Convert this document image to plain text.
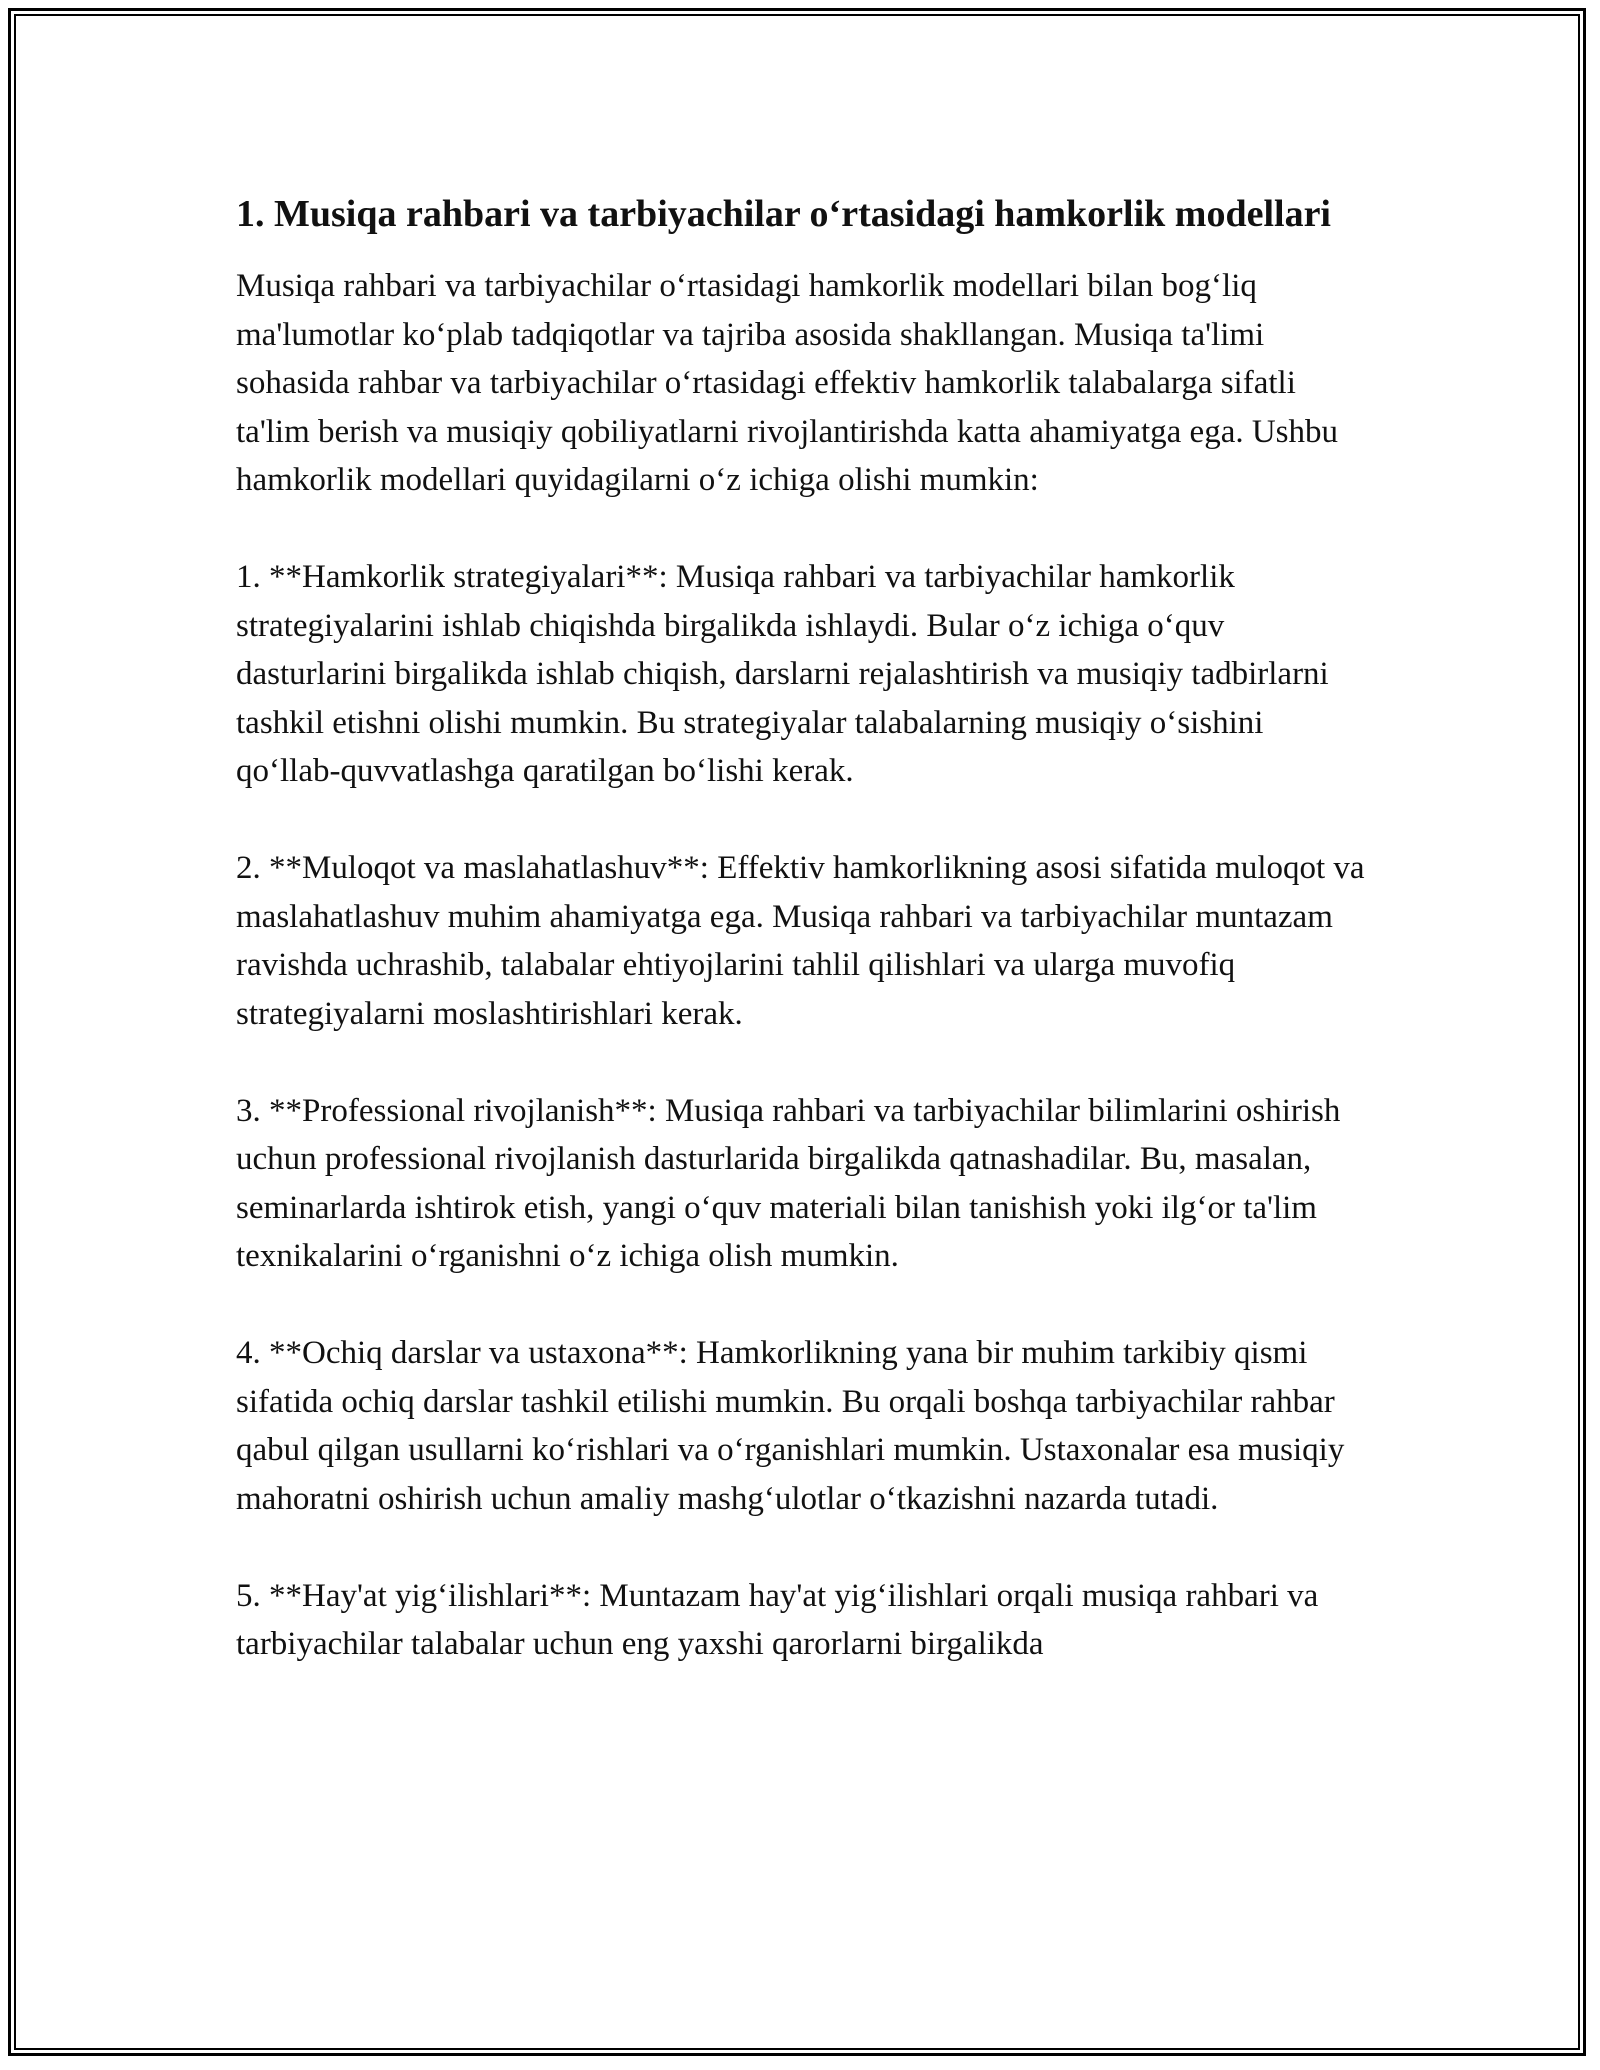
1. Musiqa rahbari va tarbiyachilar o‘rtasidagi hamkorlik modellari

Musiqa rahbari va tarbiyachilar o‘rtasidagi hamkorlik modellari bilan bog‘liq ma'lumotlar ko‘plab tadqiqotlar va tajriba asosida shakllangan. Musiqa ta'limi sohasida rahbar va tarbiyachilar o‘rtasidagi effektiv hamkorlik talabalarga sifatli ta'lim berish va musiqiy qobiliyatlarni rivojlantirishda katta ahamiyatga ega. Ushbu hamkorlik modellari quyidagilarni o‘z ichiga olishi mumkin:

1. **Hamkorlik strategiyalari**: Musiqa rahbari va tarbiyachilar hamkorlik strategiyalarini ishlab chiqishda birgalikda ishlaydi. Bular o‘z ichiga o‘quv dasturlarini birgalikda ishlab chiqish, darslarni rejalashtirish va musiqiy tadbirlarni tashkil etishni olishi mumkin. Bu strategiyalar talabalarning musiqiy o‘sishini qo‘llab-quvvatlashga qaratilgan bo‘lishi kerak.

2. **Muloqot va maslahatlashuv**: Effektiv hamkorlikning asosi sifatida muloqot va maslahatlashuv muhim ahamiyatga ega. Musiqa rahbari va tarbiyachilar muntazam ravishda uchrashib, talabalar ehtiyojlarini tahlil qilishlari va ularga muvofiq strategiyalarni moslashtirishlari kerak.

3. **Professional rivojlanish**: Musiqa rahbari va tarbiyachilar bilimlarini oshirish uchun professional rivojlanish dasturlarida birgalikda qatnashadilar. Bu, masalan, seminarlarda ishtirok etish, yangi o‘quv materiali bilan tanishish yoki ilg‘or ta'lim texnikalarini o‘rganishni o‘z ichiga olish mumkin.

4. **Ochiq darslar va ustaxona**: Hamkorlikning yana bir muhim tarkibiy qismi sifatida ochiq darslar tashkil etilishi mumkin. Bu orqali boshqa tarbiyachilar rahbar qabul qilgan usullarni ko‘rishlari va o‘rganishlari mumkin. Ustaxonalar esa musiqiy mahoratni oshirish uchun amaliy mashg‘ulotlar o‘tkazishni nazarda tutadi.

5. **Hay'at yig‘ilishlari**: Muntazam hay'at yig‘ilishlari orqali musiqa rahbari va tarbiyachilar talabalar uchun eng yaxshi qarorlarni birgalikda
